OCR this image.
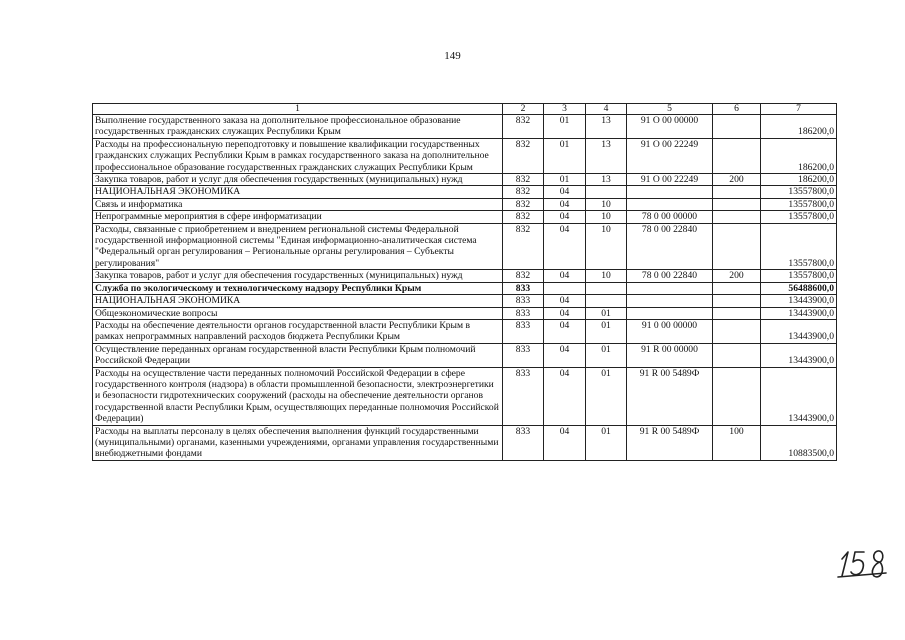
149
1	2	3	4	5	6	7
Выполнение государственного заказа на дополнительное профессиональное образование государственных гражданских служащих Республики Крым	832	01	13	91 О 00 00000		186200,0
Расходы на профессиональную переподготовку и повышение квалификации государственных гражданских служащих Республики Крым в рамках государственного заказа на дополнительное профессиональное образование государственных гражданских служащих Республики Крым	832	01	13	91 О 00 22249		186200,0
Закупка товаров, работ и услуг для обеспечения государственных (муниципальных) нужд	832	01	13	91 О 00 22249	200	186200,0
НАЦИОНАЛЬНАЯ ЭКОНОМИКА	832	04				13557800,0
Связь и информатика	832	04	10			13557800,0
Непрограммные мероприятия в сфере информатизации	832	04	10	78 0 00 00000		13557800,0
Расходы, связанные с приобретением и внедрением региональной системы Федеральной государственной информационной системы "Единая информационно-аналитическая система "Федеральный орган регулирования – Региональные органы регулирования – Субъекты регулирования"	832	04	10	78 0 00 22840		13557800,0
Закупка товаров, работ и услуг для обеспечения государственных (муниципальных) нужд	832	04	10	78 0 00 22840	200	13557800,0
Служба по экологическому и технологическому надзору Республики Крым	833					56488600,0
НАЦИОНАЛЬНАЯ ЭКОНОМИКА	833	04				13443900,0
Общеэкономические вопросы	833	04	01			13443900,0
Расходы на обеспечение деятельности органов государственной власти Республики Крым в рамках непрограммных направлений расходов бюджета Республики Крым	833	04	01	91 0 00 00000		13443900,0
Осуществление переданных органам государственной власти Республики Крым полномочий Российской Федерации	833	04	01	91 R 00 00000		13443900,0
Расходы на осуществление части переданных полномочий Российской Федерации в сфере государственного контроля (надзора) в области промышленной безопасности, электроэнергетики и безопасности гидротехнических сооружений (расходы на обеспечение деятельности органов государственной власти Республики Крым, осуществляющих переданные полномочия Российской Федерации)	833	04	01	91 R 00 5489Ф		13443900,0
Расходы на выплаты персоналу в целях обеспечения выполнения функций государственными (муниципальными) органами, казенными учреждениями, органами управления государственными внебюджетными фондами	833	04	01	91 R 00 5489Ф	100	10883500,0
